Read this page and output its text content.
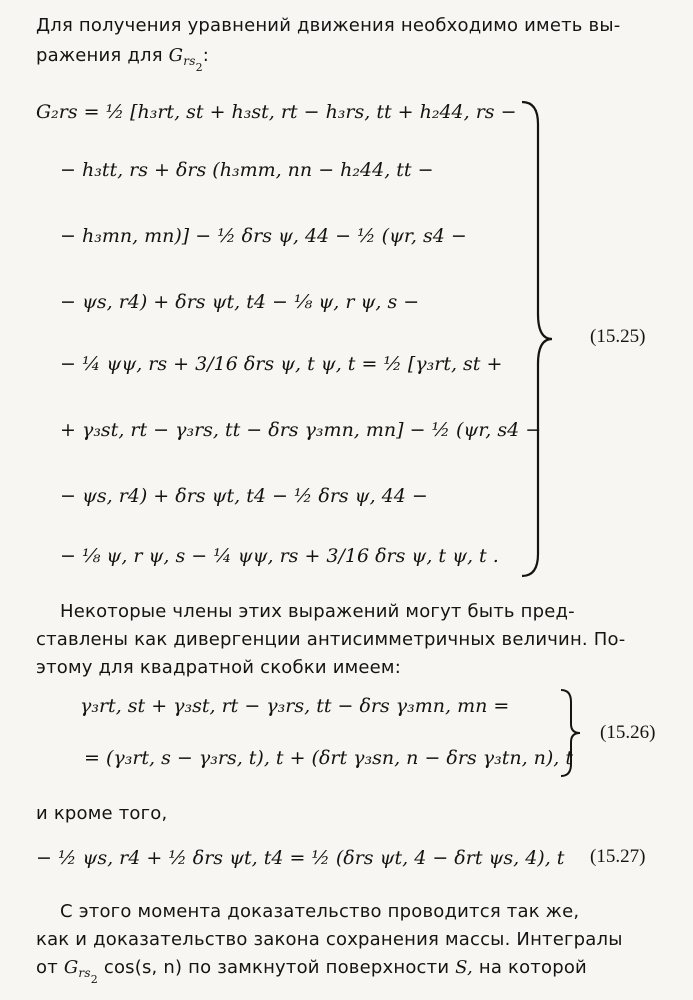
Для получения уравнений движения необходимо иметь вы-
ражения для $G_{rs2}$:
G₂rs = ½ [h₃rt, st + h₃st, rt − h₃rs, tt + h₂44, rs −
− h₃tt, rs + δrs (h₃mm, nn − h₂44, tt −
− h₃mn, mn)] − ½ δrs ψ, 44 − ½ (ψr, s4 −
− ψs, r4) + δrs ψt, t4 − ⅛ ψ, r ψ, s −
− ¼ ψψ, rs + 3/16 δrs ψ, t ψ, t = ½ [γ₃rt, st +
+ γ₃st, rt − γ₃rs, tt − δrs γ₃mn, mn] − ½ (ψr, s4 −
− ψs, r4) + δrs ψt, t4 − ½ δrs ψ, 44 −
− ⅛ ψ, r ψ, s − ¼ ψψ, rs + 3/16 δrs ψ, t ψ, t .
(15.25)
Некоторые члены этих выражений могут быть пред-
ставлены как дивергенции антисимметричных величин. По-
этому для квадратной скобки имеем:
γ₃rt, st + γ₃st, rt − γ₃rs, tt − δrs γ₃mn, mn =
= (γ₃rt, s − γ₃rs, t), t + (δrt γ₃sn, n − δrs γ₃tn, n), t
(15.26)
и кроме того,
− ½ ψs, r4 + ½ δrs ψt, t4 = ½ (δrs ψt, 4 − δrt ψs, 4), t (15.27)
С этого момента доказательство проводится так же,
как и доказательство закона сохранения массы. Интегралы
от $G_{rs2}$ cos(s, n) по замкнутой поверхности S, на которой
